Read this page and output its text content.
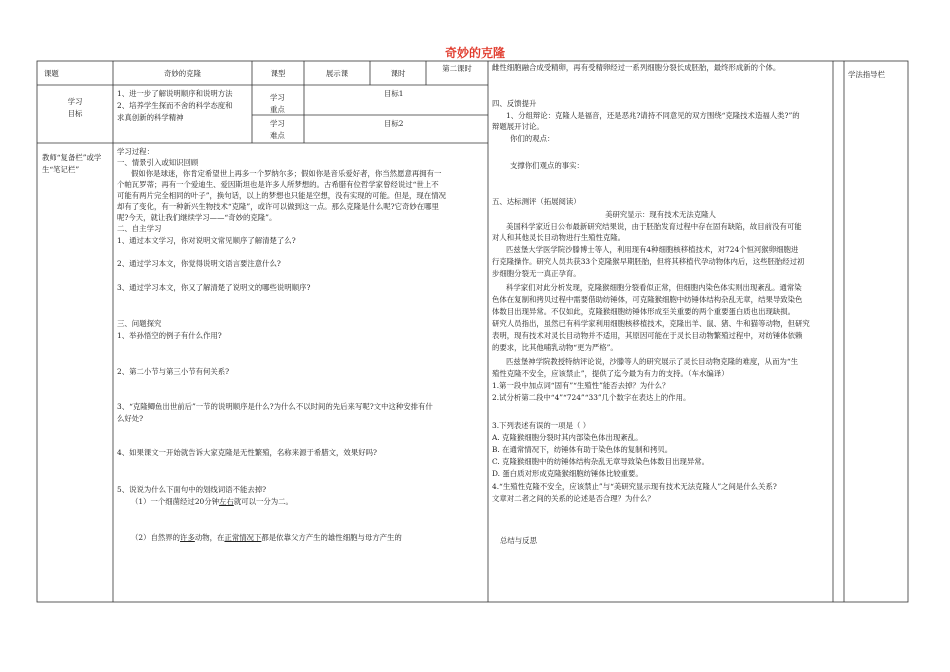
奇妙的克隆
课题	奇妙的克隆	课型	展示课	课时
第二课时
学法指导栏
学习
目标
1、进一步了解说明顺序和说明方法
2、培养学生探而不舍的科学态度和
求真创新的科学精神
学习
重点
目标1
学习
难点
目标2
教师“复备栏”或学生“笔记栏”
学习过程：
一、情景引入或知识回顾
假如你是球迷，你肯定希望世上再多一个罗纳尔多；假如你是音乐爱好者，你当然愿意再拥有一
个帕瓦罗蒂；再有一个爱迪生、爱因斯坦也是许多人所梦想的。古希腊有位哲学家曾经说过“世上不
可能有两片完全相同的叶子”，换句话，以上的梦想也只能是空想，没有实现的可能。但是，现在情况
却有了变化，有一种新兴生物技术“克隆”，或许可以做到这一点。那么克隆是什么呢?它奇妙在哪里
呢?今天，就让我们继续学习——“奇妙的克隆”。
二、自主学习
1、通过本文学习，你对说明文常见顺序了解清楚了么?
2、通过学习本文，你觉得说明文语言要注意什么?
3、通过学习本文，你又了解清楚了说明文的哪些说明顺序?
三、问题探究
1、举孙悟空的例子有什么作用?
2、第二小节与第三小节有何关系?
3、“克隆鲫鱼出世前后”一节的说明顺序是什么?为什么不以时间的先后来写呢?文中这种安排有什
么好处?
4、如果课文一开始就告诉大家克隆是无性繁殖，名称来源于希腊文，效果好吗?
5、说说为什么下面句中的划线词语不能去掉?
（1）一个细菌经过20分钟左右就可以一分为二。
（2）自然界的许多动物，在正常情况下都是依靠父方产生的雄性细胞与母方产生的
雌性细胞融合成受精卵，再有受精卵经过一系列细胞分裂长成胚胎，最终形成新的个体。
四、反馈提升
1、分组辩论：克隆人是福音，还是恶兆?请持不同意见的双方围绕“克隆技术造福人类?”的
辩题展开讨论。
你们的观点：
支撑你们观点的事实：
五、达标测评（拓展阅读）
美研究显示：现有技术无法克隆人
美国科学家近日公布最新研究结果说，由于胚胎发育过程中存在固有缺陷，故目前没有可能
对人和其他灵长目动物进行生殖性克隆。
匹兹堡大学医学院沙滕博士等人，利用现有4种细胞核移植技术，对724个恒河猴卵细胞进
行克隆操作。研究人员共获33个克隆猴早期胚胎，但将其移植代孕动物体内后，这些胚胎经过初
步细胞分裂无一真正孕育。
科学家们对此分析发现，克隆猴细胞分裂看似正常，但细胞内染色体实则出现紊乱。通常染
色体在复制和拷贝过程中需要借助纺锤体，可克隆猴细胞中纺锤体结构杂乱无章，结果导致染色
体数目出现异常。不仅如此，克隆猴细胞纺锤体形成至关重要的两个重要蛋白质也出现缺损。
研究人员指出，虽然已有科学家利用细胞核移植技术，克隆出羊、鼠、猪、牛和猫等动物，但研究
表明，现有技术对灵长目动物并不适用，其原因可能在于灵长目动物繁殖过程中，对纺锤体依赖
的要求，比其他哺乳动物“更为严格”。
匹兹堡神学院教授特纳评论说，沙滕等人的研究展示了灵长目动物克隆的难度，从而为“生
殖性克隆不安全，应该禁止”，提供了迄今最为有力的支持。（车水编译）
1.第一段中加点词“固有”“生殖性”能否去掉？为什么？
2.试分析第二段中“4”“724”“33”几个数字在表达上的作用。
3.下列表述有误的一项是（ ）
A. 克隆猴细胞分裂时其内部染色体出现紊乱。
B. 在通常情况下，纺锤体有助于染色体的复制和拷贝。
C. 克隆猴细胞中的纺锤体结构杂乱无章导致染色体数目出现异常。
D. 蛋白质对形成克隆猴细胞纺锤体比较重要。
4.“生殖性克隆不安全，应该禁止”与“美研究显示现有技术无法克隆人”之间是什么关系?
文章对二者之间的关系的论述是否合理？为什么？
总结与反思
